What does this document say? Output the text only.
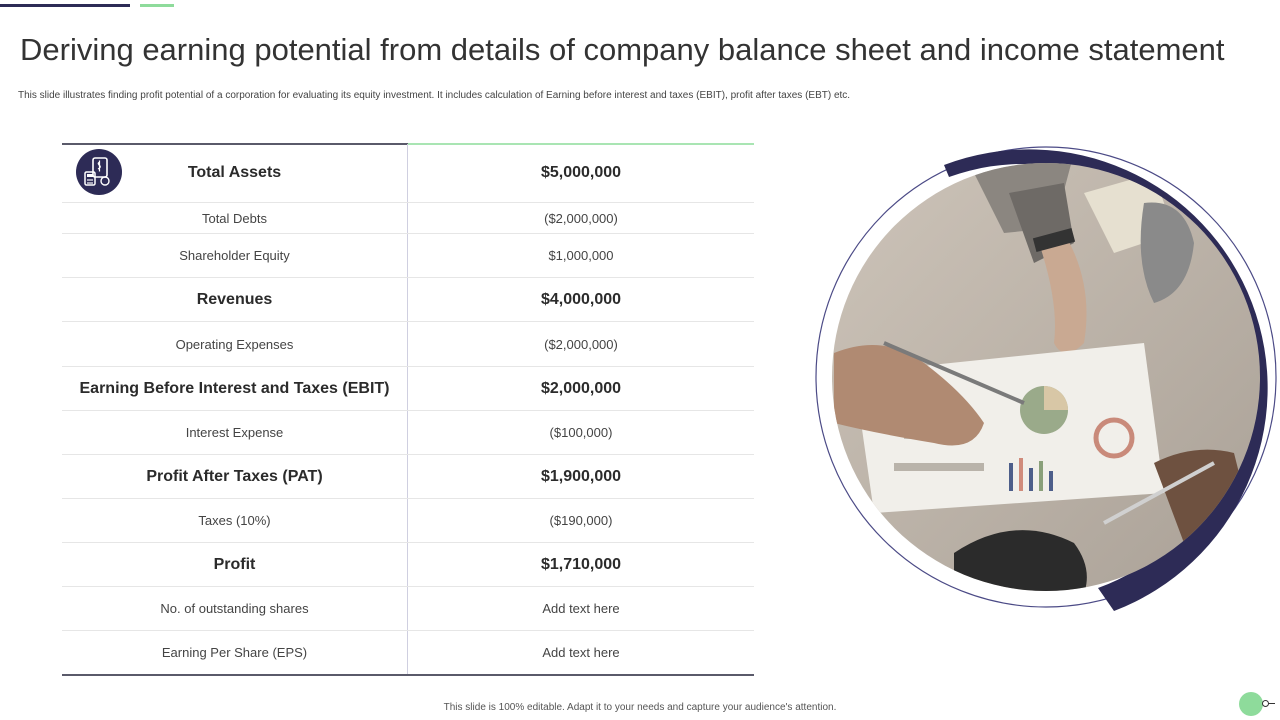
Deriving earning potential from details of company balance sheet and income statement
This slide illustrates finding profit potential of a corporation for evaluating its equity investment. It includes calculation of Earning before interest and taxes (EBIT), profit after taxes (EBT) etc.
Total Assets	$5,000,000
Total Debts	($2,000,000)
Shareholder Equity	$1,000,000
Revenues	$4,000,000
Operating Expenses	($2,000,000)
Earning Before Interest and Taxes (EBIT)	$2,000,000
Interest Expense	($100,000)
Profit After Taxes (PAT)	$1,900,000
Taxes (10%)	($190,000)
Profit	$1,710,000
No. of outstanding shares	Add text here
Earning Per Share (EPS)	Add text here
This slide is 100% editable. Adapt it to your needs and capture your audience's attention.
